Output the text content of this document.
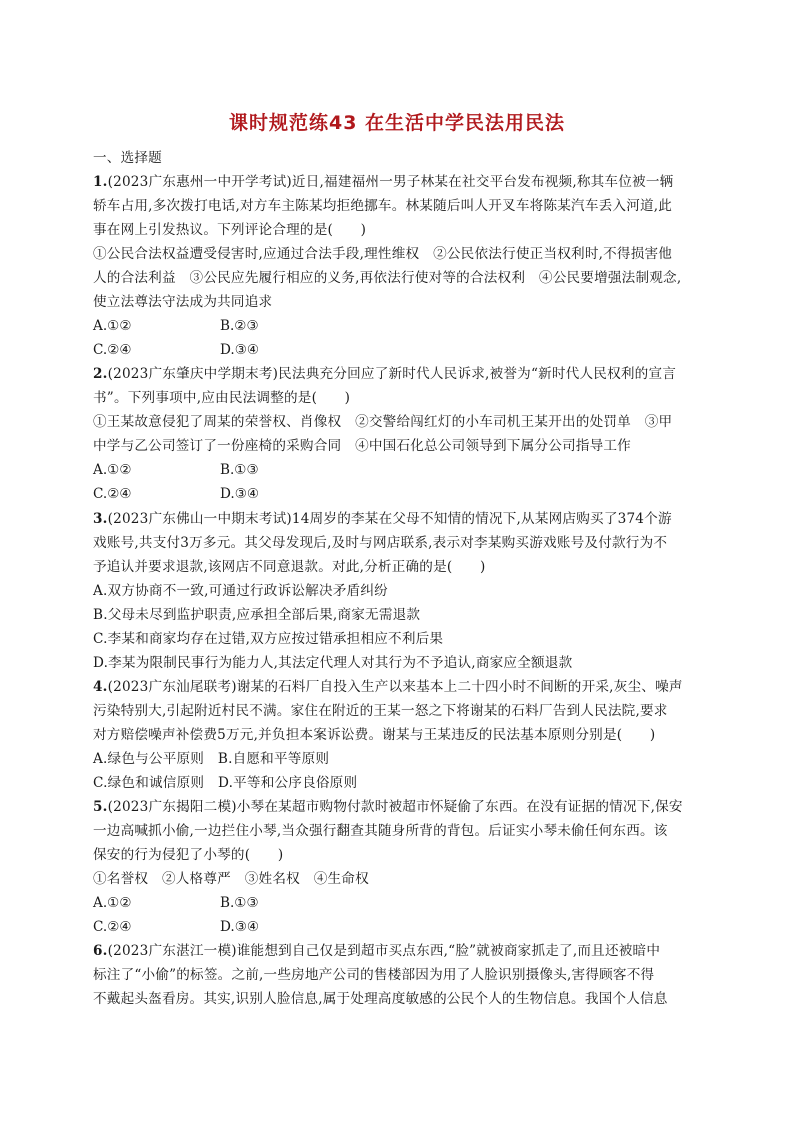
课时规范练43 在生活中学民法用民法
一、选择题
1.(2023广东惠州一中开学考试)近日,福建福州一男子林某在社交平台发布视频,称其车位被一辆
轿车占用,多次拨打电话,对方车主陈某均拒绝挪车。林某随后叫人开叉车将陈某汽车丢入河道,此
事在网上引发热议。下列评论合理的是(　　)
①公民合法权益遭受侵害时,应通过合法手段,理性维权　②公民依法行使正当权利时,不得损害他
人的合法利益　③公民应先履行相应的义务,再依法行使对等的合法权利　④公民要增强法制观念,
使立法尊法守法成为共同追求
A.①②	B.②③
C.②④	D.③④
2.(2023广东肇庆中学期末考)民法典充分回应了新时代人民诉求,被誉为“新时代人民权利的宣言
书”。下列事项中,应由民法调整的是(　　)
①王某故意侵犯了周某的荣誉权、肖像权　②交警给闯红灯的小车司机王某开出的处罚单　③甲
中学与乙公司签订了一份座椅的采购合同　④中国石化总公司领导到下属分公司指导工作
A.①②	B.①③
C.②④	D.③④
3.(2023广东佛山一中期末考试)14周岁的李某在父母不知情的情况下,从某网店购买了374个游
戏账号,共支付3万多元。其父母发现后,及时与网店联系,表示对李某购买游戏账号及付款行为不
予追认并要求退款,该网店不同意退款。对此,分析正确的是(　　)
A.双方协商不一致,可通过行政诉讼解决矛盾纠纷
B.父母未尽到监护职责,应承担全部后果,商家无需退款
C.李某和商家均存在过错,双方应按过错承担相应不利后果
D.李某为限制民事行为能力人,其法定代理人对其行为不予追认,商家应全额退款
4.(2023广东汕尾联考)谢某的石料厂自投入生产以来基本上二十四小时不间断的开采,灰尘、噪声
污染特别大,引起附近村民不满。家住在附近的王某一怒之下将谢某的石料厂告到人民法院,要求
对方赔偿噪声补偿费5万元,并负担本案诉讼费。谢某与王某违反的民法基本原则分别是(　　)
A.绿色与公平原则　B.自愿和平等原则
C.绿色和诚信原则　D.平等和公序良俗原则
5.(2023广东揭阳二模)小琴在某超市购物付款时被超市怀疑偷了东西。在没有证据的情况下,保安
一边高喊抓小偷,一边拦住小琴,当众强行翻查其随身所背的背包。后证实小琴未偷任何东西。该
保安的行为侵犯了小琴的(　　)
①名誉权　②人格尊严　③姓名权　④生命权
A.①②	B.①③
C.②④	D.③④
6.(2023广东湛江一模)谁能想到自己仅是到超市买点东西,“脸”就被商家抓走了,而且还被暗中
标注了“小偷”的标签。之前,一些房地产公司的售楼部因为用了人脸识别摄像头,害得顾客不得
不戴起头盔看房。其实,识别人脸信息,属于处理高度敏感的公民个人的生物信息。我国个人信息
